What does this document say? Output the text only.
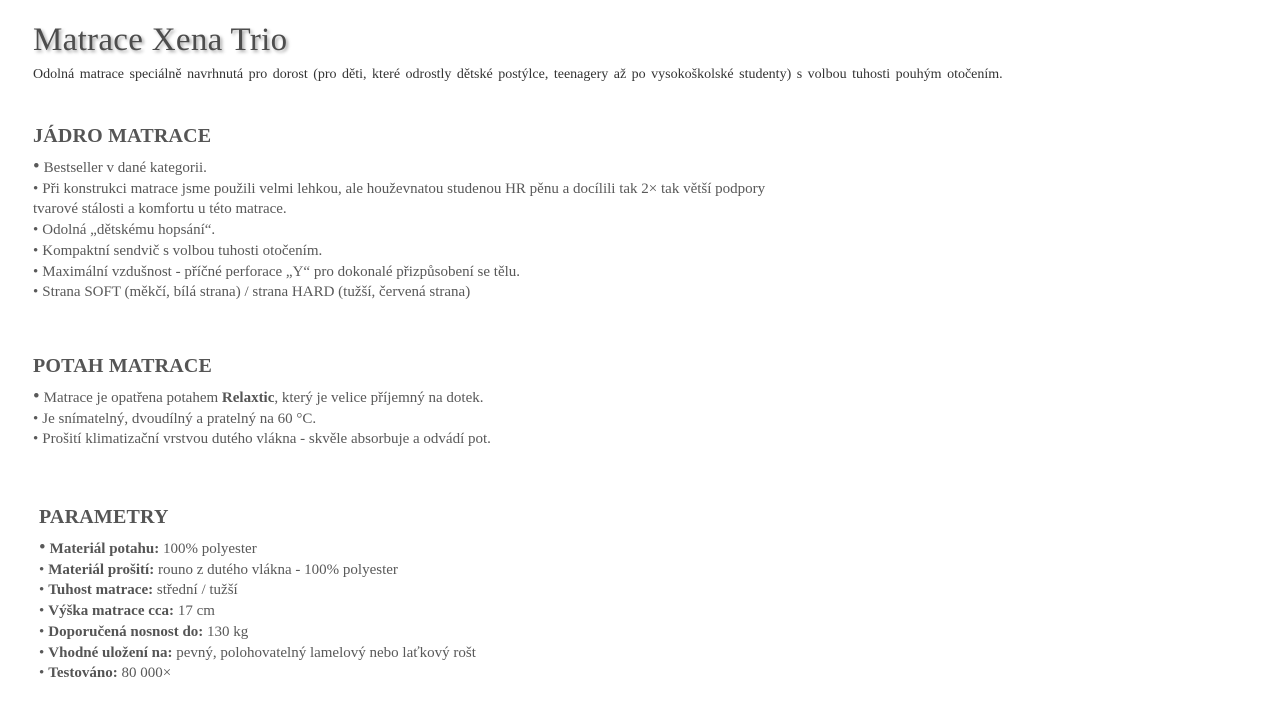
Matrace Xena Trio

Odolná matrace speciálně navrhnutá pro dorost (pro děti, které odrostly dětské postýlce, teenagery až po vysokoškolské studenty) s volbou tuhosti pouhým otočením.

JÁDRO MATRACE
• Bestseller v dané kategorii.
• Při konstrukci matrace jsme použili velmi lehkou, ale houževnatou studenou HR pěnu a docílili tak 2× tak větší podpory tvarové stálosti a komfortu u této matrace.
• Odolná „dětskému hopsání“.
• Kompaktní sendvič s volbou tuhosti otočením.
• Maximální vzdušnost - příčné perforace „Y“ pro dokonalé přizpůsobení se tělu.
• Strana SOFT (měkčí, bílá strana) / strana HARD (tužší, červená strana)
POTAH MATRACE
• Matrace je opatřena potahem Relaxtic, který je velice příjemný na dotek.
• Je snímatelný, dvoudílný a pratelný na 60 °C.
• Prošití klimatizační vrstvou dutého vlákna - skvěle absorbuje a odvádí pot.
PARAMETRY
• Materiál potahu: 100% polyester
• Materiál prošití: rouno z dutého vlákna - 100% polyester
• Tuhost matrace: střední / tužší
• Výška matrace cca: 17 cm
• Doporučená nosnost do: 130 kg
• Vhodné uložení na: pevný, polohovatelný lamelový nebo laťkový rošt
• Testováno: 80 000×
